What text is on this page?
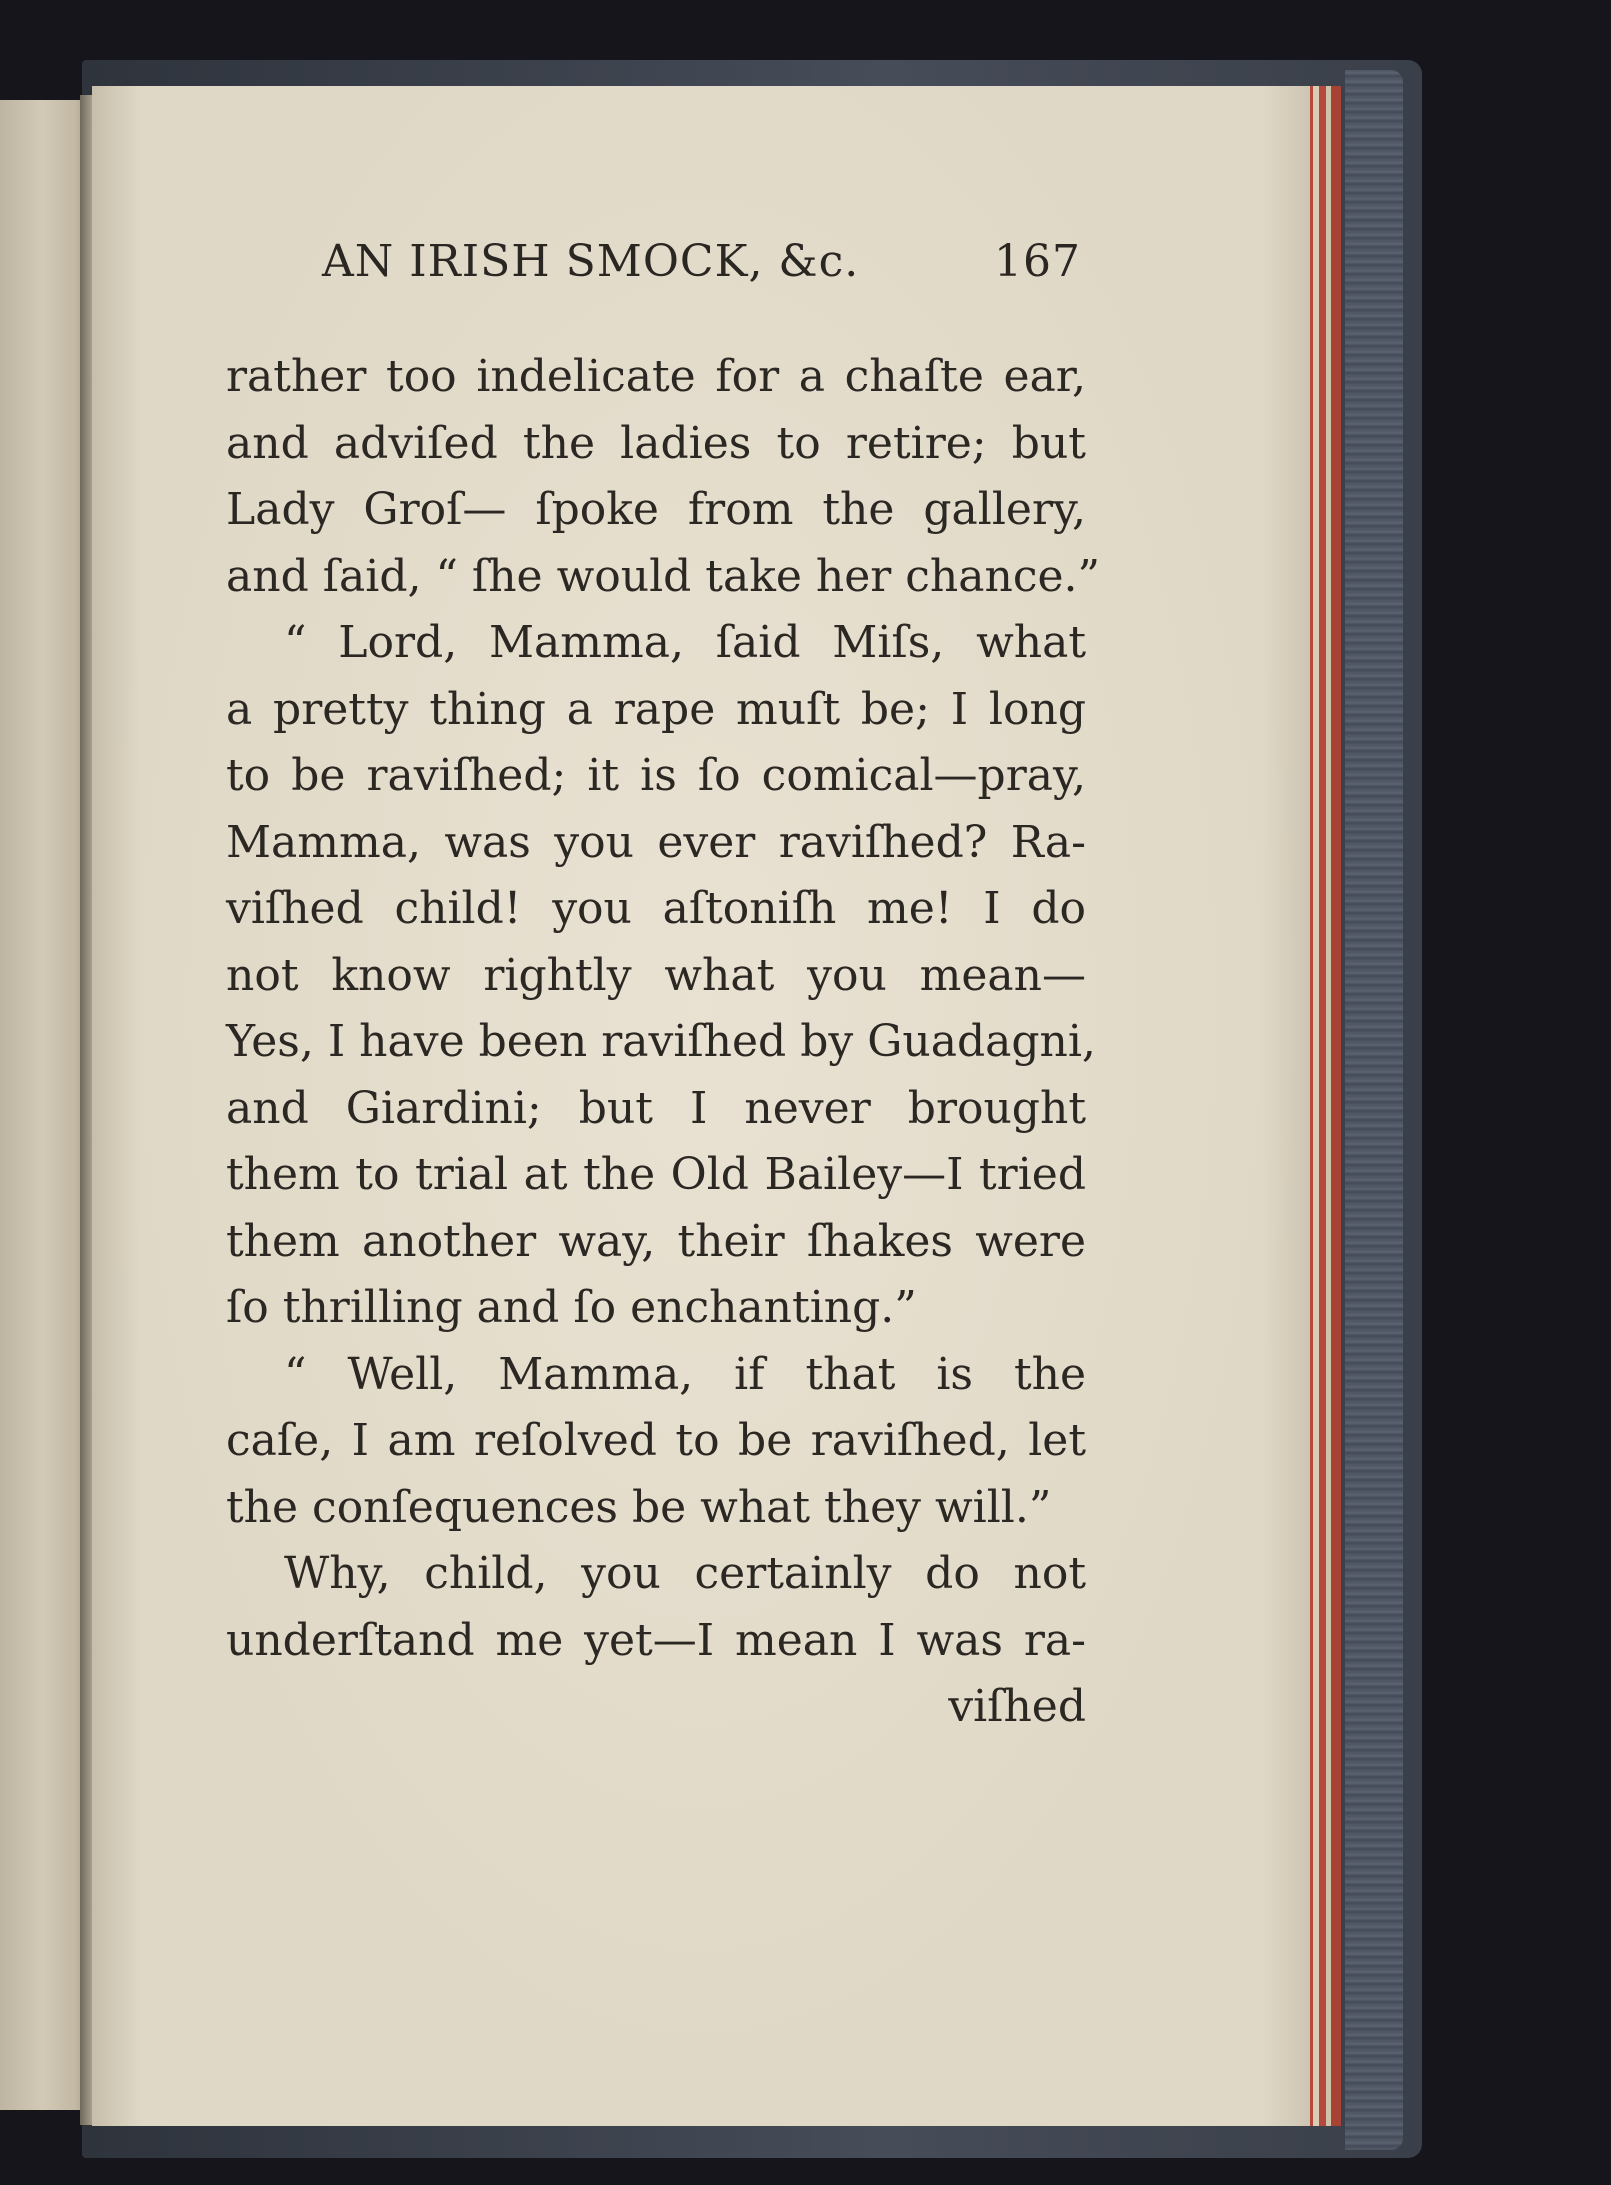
AN IRISH SMOCK, &c.	167
rather too indelicate for a chaſte ear,
and adviſed the ladies to retire; but
Lady Groſ— ſpoke from the gallery,
and ſaid, “ ſhe would take her chance.”
“ Lord, Mamma, ſaid Miſs, what
a pretty thing a rape muſt be; I long
to be raviſhed; it is ſo comical—pray,
Mamma, was you ever raviſhed? Ra-
viſhed child! you aſtoniſh me! I do
not know rightly what you mean—
Yes, I have been raviſhed by Guadagni,
and Giardini; but I never brought
them to trial at the Old Bailey—I tried
them another way, their ſhakes were
ſo thrilling and ſo enchanting.”
“ Well, Mamma, if that is the
caſe, I am reſolved to be raviſhed, let
the conſequences be what they will.”
Why, child, you certainly do not
underſtand me yet—I mean I was ra-
viſhed
